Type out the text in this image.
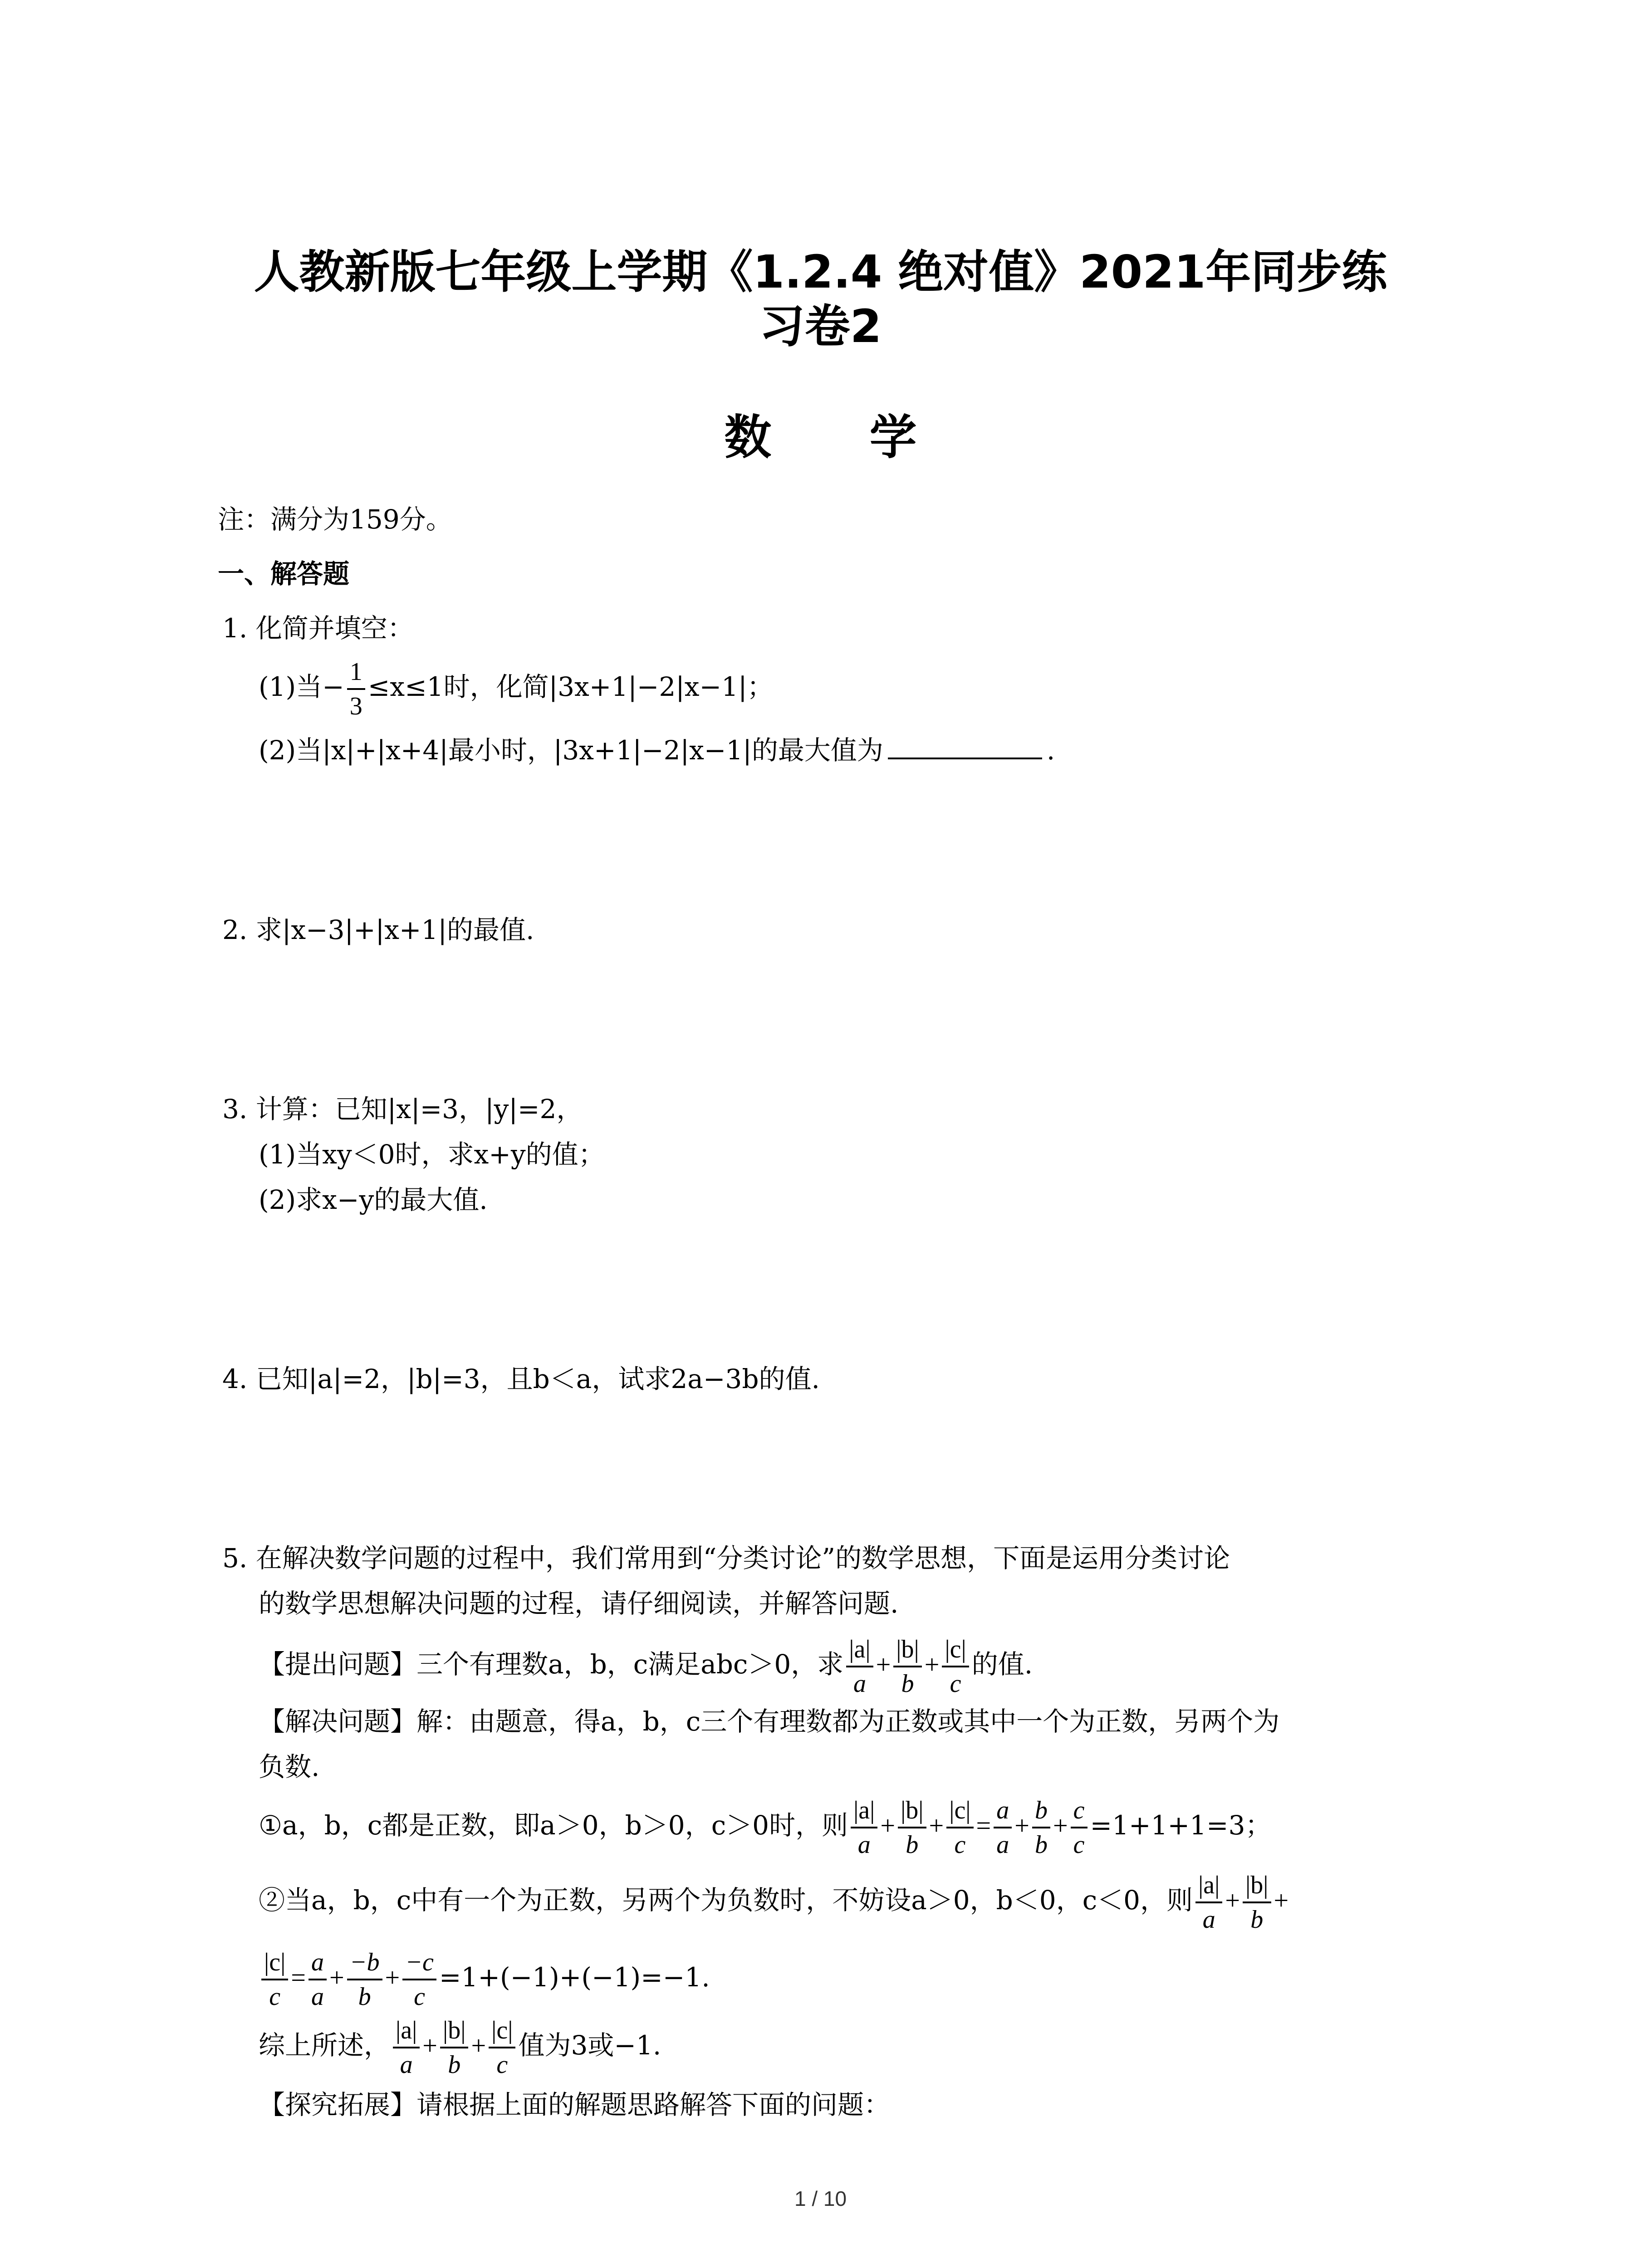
人教新版七年级上学期《1.2.4 绝对值》2021年同步练
习卷2
数 学
注：满分为159分。
一、解答题
1. 化简并填空：
(1)当− $\frac{1}{3} \le x\le 1$时，化简|3x+1|−2|x−1|；
(2)当|x|+|x+4|最小时，|3x+1|−2|x−1|的最大值为	.
2. 求|x−3|+|x+1|的最值.
3. 计算：已知|x|=3，|y|=2，
(1)当xy＜0时，求x+y的值；
(2)求x−y的最大值.
4. 已知|a|=2，|b|=3，且b＜a，试求2a−3b的值.
5. 在解决数学问题的过程中，我们常用到“分类讨论”的数学思想，下面是运用分类讨论
的数学思想解决问题的过程，请仔细阅读，并解答问题.
【提出问题】三个有理数a，b，c满足abc＞0，求 $\frac{|a|}{a} + \frac{|b|}{b} + \frac{|c|}{c}$ 的值.
【解决问题】解：由题意，得a，b，c三个有理数都为正数或其中一个为正数，另两个为
负数.
①a，b，c都是正数，即a＞0，b＞0，c＞0时，则 $\frac{|a|}{a} + \frac{|b|}{b} + \frac{|c|}{c} = \frac{a}{a} + \frac{b}{b} + \frac{c}{c} =1+1+1=3$；
②当a，b，c中有一个为正数，另两个为负数时，不妨设a＞0，b＜0，c＜0，则 $\frac{|a|}{a} + \frac{|b|}{b}$ +
$\frac{|c|}{c} = \frac{a}{a} + \frac{-b}{b} + \frac{-c}{c} =1+(-1)+(-1)=-1$.
综上所述， $\frac{|a|}{a} + \frac{|b|}{b} + \frac{|c|}{c}$ 值为3或−1.
【探究拓展】请根据上面的解题思路解答下面的问题：
1 / 10
